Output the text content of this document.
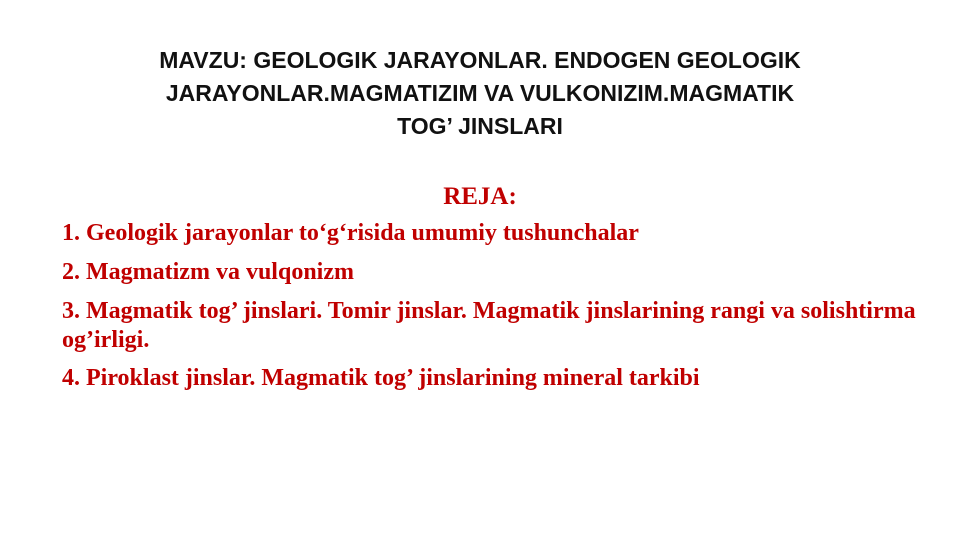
MAVZU: GEOLOGIK JARAYONLAR. ENDOGEN GEOLOGIK
JARAYONLAR.MAGMATIZIM VA VULKONIZIM.MAGMATIK
TOG’ JINSLARI
REJA:
1. Geologik jarayonlar to‘g‘risida umumiy tushunchalar
2. Magmatizm va vulqonizm
3. Magmatik tog’ jinslari. Tomir jinslar. Magmatik jinslarining rangi va solishtirma og’irligi.
4. Piroklast jinslar. Magmatik tog’ jinslarining mineral tarkibi
